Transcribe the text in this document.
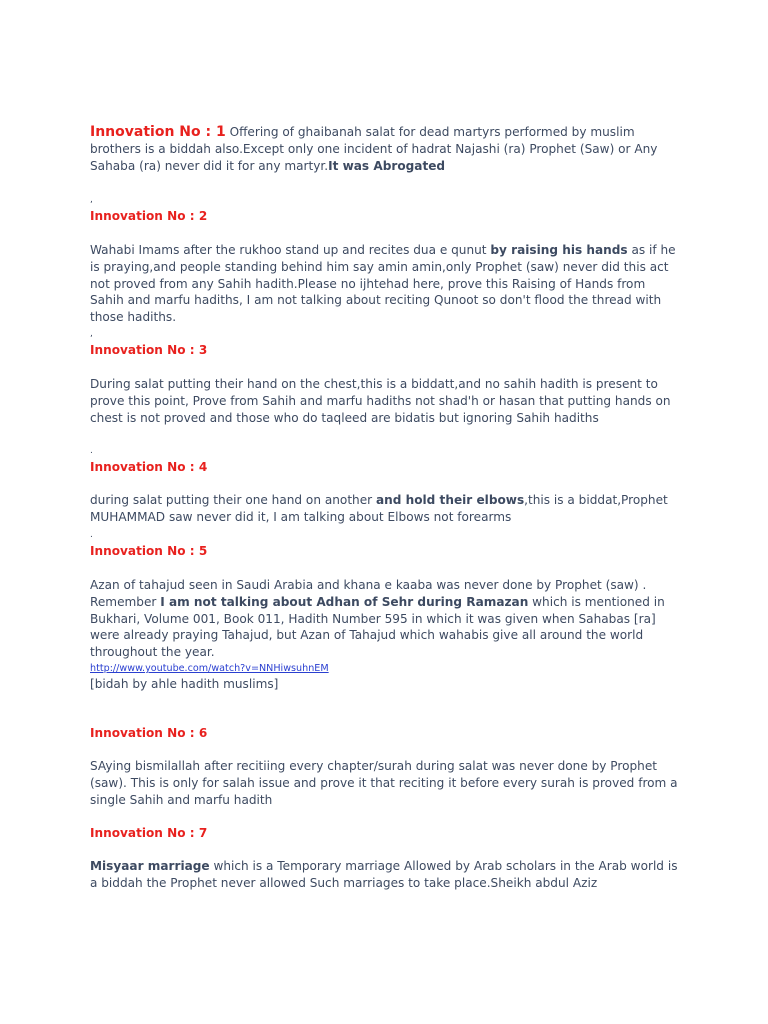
Innovation No : 1 Offering of ghaibanah salat for dead martyrs performed by muslim brothers is a biddah also.Except only one incident of hadrat Najashi (ra) Prophet (Saw) or Any Sahaba (ra) never did it for any martyr.It was Abrogated
,
Innovation No : 2
Wahabi Imams after the rukhoo stand up and recites dua e qunut by raising his hands as if he is praying,and people standing behind him say amin amin,only Prophet (saw) never did this act not proved from any Sahih hadith.Please no ijhtehad here, prove this Raising of Hands from Sahih and marfu hadiths, I am not talking about reciting Qunoot so don't flood the thread with those hadiths.
,
Innovation No : 3
During salat putting their hand on the chest,this is a biddatt,and no sahih hadith is present to prove this point, Prove from Sahih and marfu hadiths not shad'h or hasan that putting hands on chest is not proved and those who do taqleed are bidatis but ignoring Sahih hadiths
.
Innovation No : 4
during salat putting their one hand on another and hold their elbows,this is a biddat,Prophet MUHAMMAD saw never did it, I am talking about Elbows not forearms
.
Innovation No : 5
Azan of tahajud seen in Saudi Arabia and khana e kaaba was never done by Prophet (saw) . Remember I am not talking about Adhan of Sehr during Ramazan which is mentioned in Bukhari, Volume 001, Book 011, Hadith Number 595 in which it was given when Sahabas [ra] were already praying Tahajud, but Azan of Tahajud which wahabis give all around the world throughout the year.
http://www.youtube.com/watch?v=NNHiwsuhnEM
[bidah by ahle hadith muslims]
Innovation No : 6
SAying bismilallah after recitiing every chapter/surah during salat was never done by Prophet (saw). This is only for salah issue and prove it that reciting it before every surah is proved from a single Sahih and marfu hadith
Innovation No : 7
Misyaar marriage which is a Temporary marriage Allowed by Arab scholars in the Arab world is a biddah the Prophet never allowed Such marriages to take place.Sheikh abdul Aziz
